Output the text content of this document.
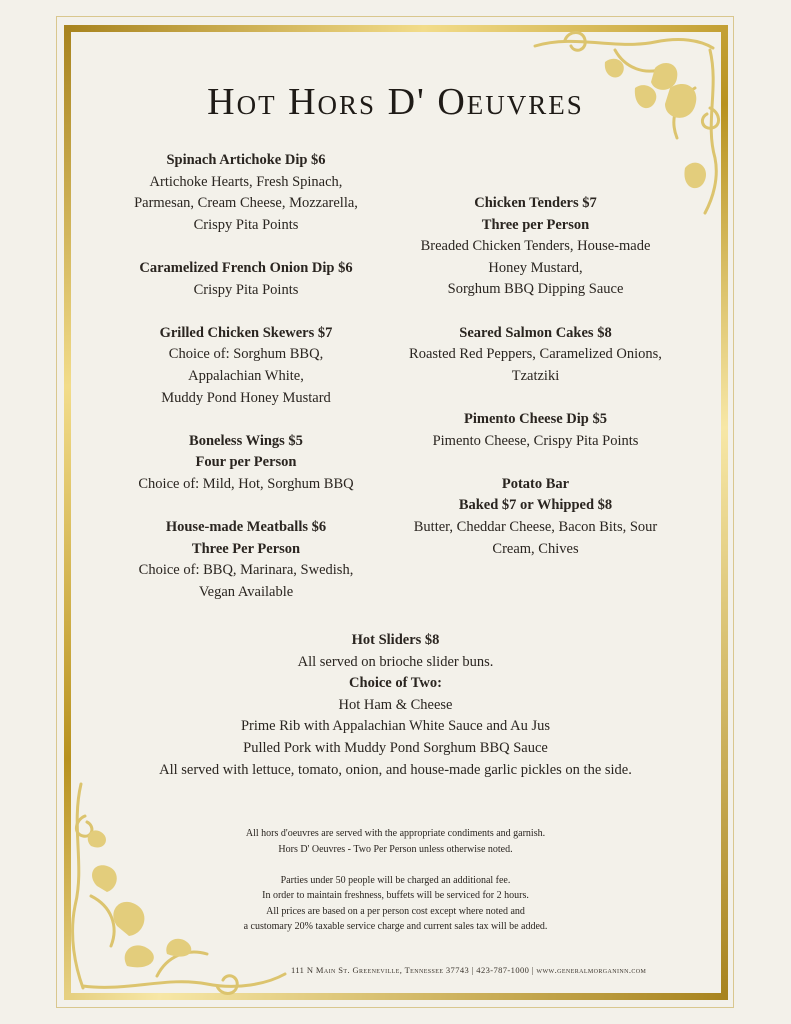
Hot Hors D' Oeuvres
Spinach Artichoke Dip $6
Artichoke Hearts, Fresh Spinach,
Parmesan, Cream Cheese, Mozzarella,
Crispy Pita Points
Caramelized French Onion Dip $6
Crispy Pita Points
Grilled Chicken Skewers $7
Choice of: Sorghum BBQ,
Appalachian White,
Muddy Pond Honey Mustard
Boneless Wings $5
Four per Person
Choice of: Mild, Hot, Sorghum BBQ
House-made Meatballs $6
Three Per Person
Choice of: BBQ, Marinara, Swedish,
Vegan Available
Chicken Tenders $7
Three per Person
Breaded Chicken Tenders, House-made
Honey Mustard,
Sorghum BBQ Dipping Sauce
Seared Salmon Cakes $8
Roasted Red Peppers, Caramelized Onions,
Tzatziki
Pimento Cheese Dip $5
Pimento Cheese, Crispy Pita Points
Potato Bar
Baked $7 or Whipped $8
Butter, Cheddar Cheese, Bacon Bits, Sour
Cream, Chives
Hot Sliders $8
All served on brioche slider buns.
Choice of Two:
Hot Ham & Cheese
Prime Rib with Appalachian White Sauce and Au Jus
Pulled Pork with Muddy Pond Sorghum BBQ Sauce
All served with lettuce, tomato, onion, and house-made garlic pickles on the side.
All hors d'oeuvres are served with the appropriate condiments and garnish.
Hors D' Oeuvres - Two Per Person unless otherwise noted.
Parties under 50 people will be charged an additional fee.
In order to maintain freshness, buffets will be serviced for 2 hours.
All prices are based on a per person cost except where noted and
a customary 20% taxable service charge and current sales tax will be added.
111 N Main St. Greeneville, Tennessee 37743 | 423-787-1000 | www.generalmorganinn.com
